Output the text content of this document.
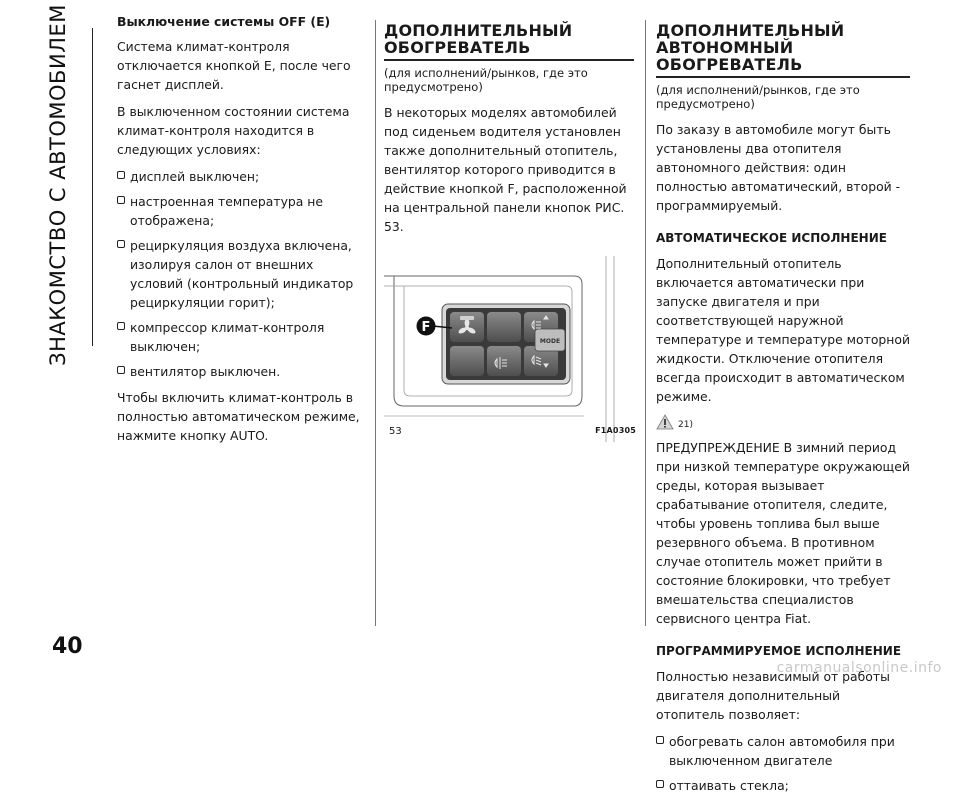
ЗНАКОМСТВО С АВТОМОБИЛЕМ	Выключение системы OFF (E)

Система климат-контроля отключается кнопкой E, после чего гаснет дисплей.

В выключенном состоянии система климат-контроля находится в следующих условиях:

дисплей выключен;
настроенная температура не отображена;
рециркуляция воздуха включена, изолируя салон от внешних условий (контрольный индикатор рециркуляции горит);
компрессор климат-контроля выключен;
вентилятор выключен.

Чтобы включить климат-контроль в полностью автоматическом режиме, нажмите кнопку AUTO.

ДОПОЛНИТЕЛЬНЫЙ ОБОГРЕВАТЕЛЬ

(для исполнений/рынков, где это предусмотрено)

В некоторых моделях автомобилей под сиденьем водителя установлен также дополнительный отопитель, вентилятор которого приводится в действие кнопкой F, расположенной на центральной панели кнопок РИС. 53.

F
MODE
53	F1A0305
ДОПОЛНИТЕЛЬНЫЙ АВТОНОМНЫЙ ОБОГРЕВАТЕЛЬ

(для исполнений/рынков, где это предусмотрено)

По заказу в автомобиле могут быть установлены два отопителя автономного действия: один полностью автоматический, второй - программируемый.

АВТОМАТИЧЕСКОЕ ИСПОЛНЕНИЕ

Дополнительный отопитель включается автоматически при запуске двигателя и при соответствующей наружной температуре и температуре моторной жидкости. Отключение отопителя всегда происходит в автоматическом режиме.

$_{21)}$

ПРЕДУПРЕЖДЕНИЕ В зимний период при низкой температуре окружающей среды, которая вызывает срабатывание отопителя, следите, чтобы уровень топлива был выше резервного объема. В противном случае отопитель может прийти в состояние блокировки, что требует вмешательства специалистов сервисного центра Fiat.

ПРОГРАММИРУЕМОЕ ИСПОЛНЕНИЕ

Полностью независимый от работы двигателя дополнительный отопитель позволяет:

обогревать салон автомобиля при выключенном двигателе
оттаивать стекла;
40
carmanualsonline.info
